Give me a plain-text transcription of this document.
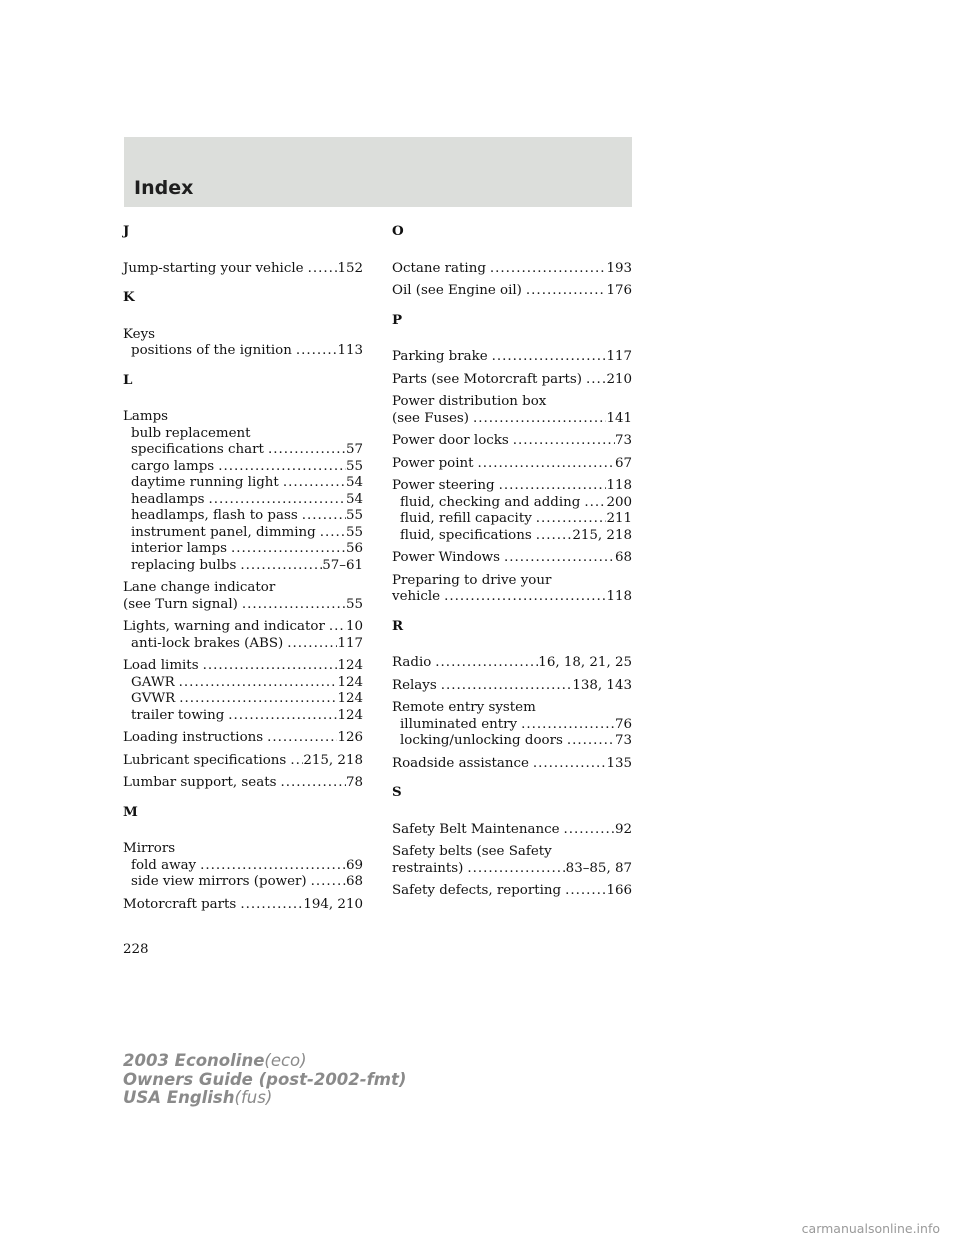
Index
J
Jump-starting your vehicle .....	152
K
Keys
positions of the ignition .....	113
L
Lamps
bulb replacement
specifications chart .....	57
cargo lamps .....	55
daytime running light .....	54
headlamps .....	54
headlamps, flash to pass .....	55
instrument panel, dimming ..... 55
interior lamps .....	56
replacing bulbs .....	57–61
Lane change indicator
(see Turn signal) .....	55
Lights, warning and indicator ..... 10
anti-lock brakes (ABS) .....	117
Load limits .....	124
GAWR .....	124
GVWR .....	124
trailer towing .....	124
Loading instructions .....	126
Lubricant specifications ..... 215, 218
Lumbar support, seats .....	78
M
Mirrors
fold away .....	69
side view mirrors (power) .....	68
Motorcraft parts .....	194, 210
O
Octane rating .....	193
Oil (see Engine oil) .....	176
P
Parking brake .....	117
Parts (see Motorcraft parts) ..... 210
Power distribution box
(see Fuses) .....	141
Power door locks .....	73
Power point .....	67
Power steering .....	118
fluid, checking and adding ..... 200
fluid, refill capacity .....	211
fluid, specifications .....	215, 218
Power Windows .....	68
Preparing to drive your
vehicle .....	118
R
Radio .....	16, 18, 21, 25
Relays .....	138, 143
Remote entry system
illuminated entry .....	76
locking/unlocking doors .....	73
Roadside assistance .....	135
S
Safety Belt Maintenance .....	92
Safety belts (see Safety
restraints) .....	83–85, 87
Safety defects, reporting .....	166
228
2003 Econoline(eco)
Owners Guide (post-2002-fmt)
USA English(fus)
carmanualsonline.info
